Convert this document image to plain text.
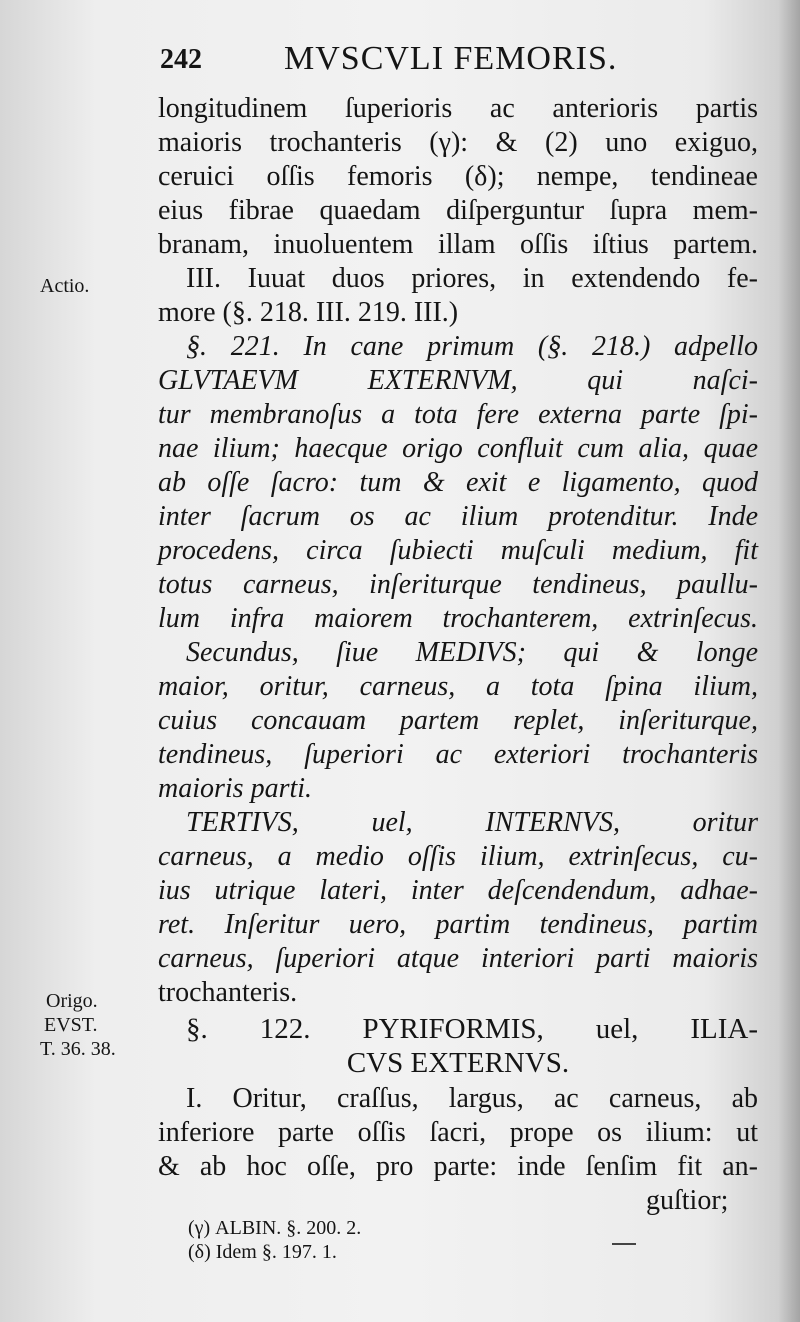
242 MVSCVLI FEMORIS.
Actio.
Origo.
EVST.
T. 36. 38.
longitudinem ſuperioris ac anterioris partis
maioris trochanteris (γ): & (2) uno exiguo,
ceruici oſſis femoris (δ); nempe, tendineae
eius fibrae quaedam diſperguntur ſupra mem-
branam, inuoluentem illam oſſis iſtius partem.
III. Iuuat duos priores, in extendendo fe-
more (§. 218. III. 219. III.)
§. 221. In cane primum (§. 218.) adpello
GLVTAEVM EXTERNVM, qui naſci-
tur membranoſus a tota fere externa parte ſpi-
nae ilium; haecque origo confluit cum alia, quae
ab oſſe ſacro: tum & exit e ligamento, quod
inter ſacrum os ac ilium protenditur. Inde
procedens, circa ſubiecti muſculi medium, fit
totus carneus, inſeriturque tendineus, paullu-
lum infra maiorem trochanterem, extrinſecus.
Secundus, ſiue MEDIVS; qui & longe
maior, oritur, carneus, a tota ſpina ilium,
cuius concauam partem replet, inſeriturque,
tendineus, ſuperiori ac exteriori trochanteris
maioris parti.
TERTIVS, uel, INTERNVS, oritur
carneus, a medio oſſis ilium, extrinſecus, cu-
ius utrique lateri, inter deſcendendum, adhae-
ret. Inſeritur uero, partim tendineus, partim
carneus, ſuperiori atque interiori parti maioris
trochanteris.
§. 122. PYRIFORMIS, uel, ILIA-
CVS EXTERNVS.
I. Oritur, craſſus, largus, ac carneus, ab
inferiore parte oſſis ſacri, prope os ilium: ut
& ab hoc oſſe, pro parte: inde ſenſim fit an-
guſtior;
(γ) ALBIN. §. 200. 2.
(δ) Idem §. 197. 1.
